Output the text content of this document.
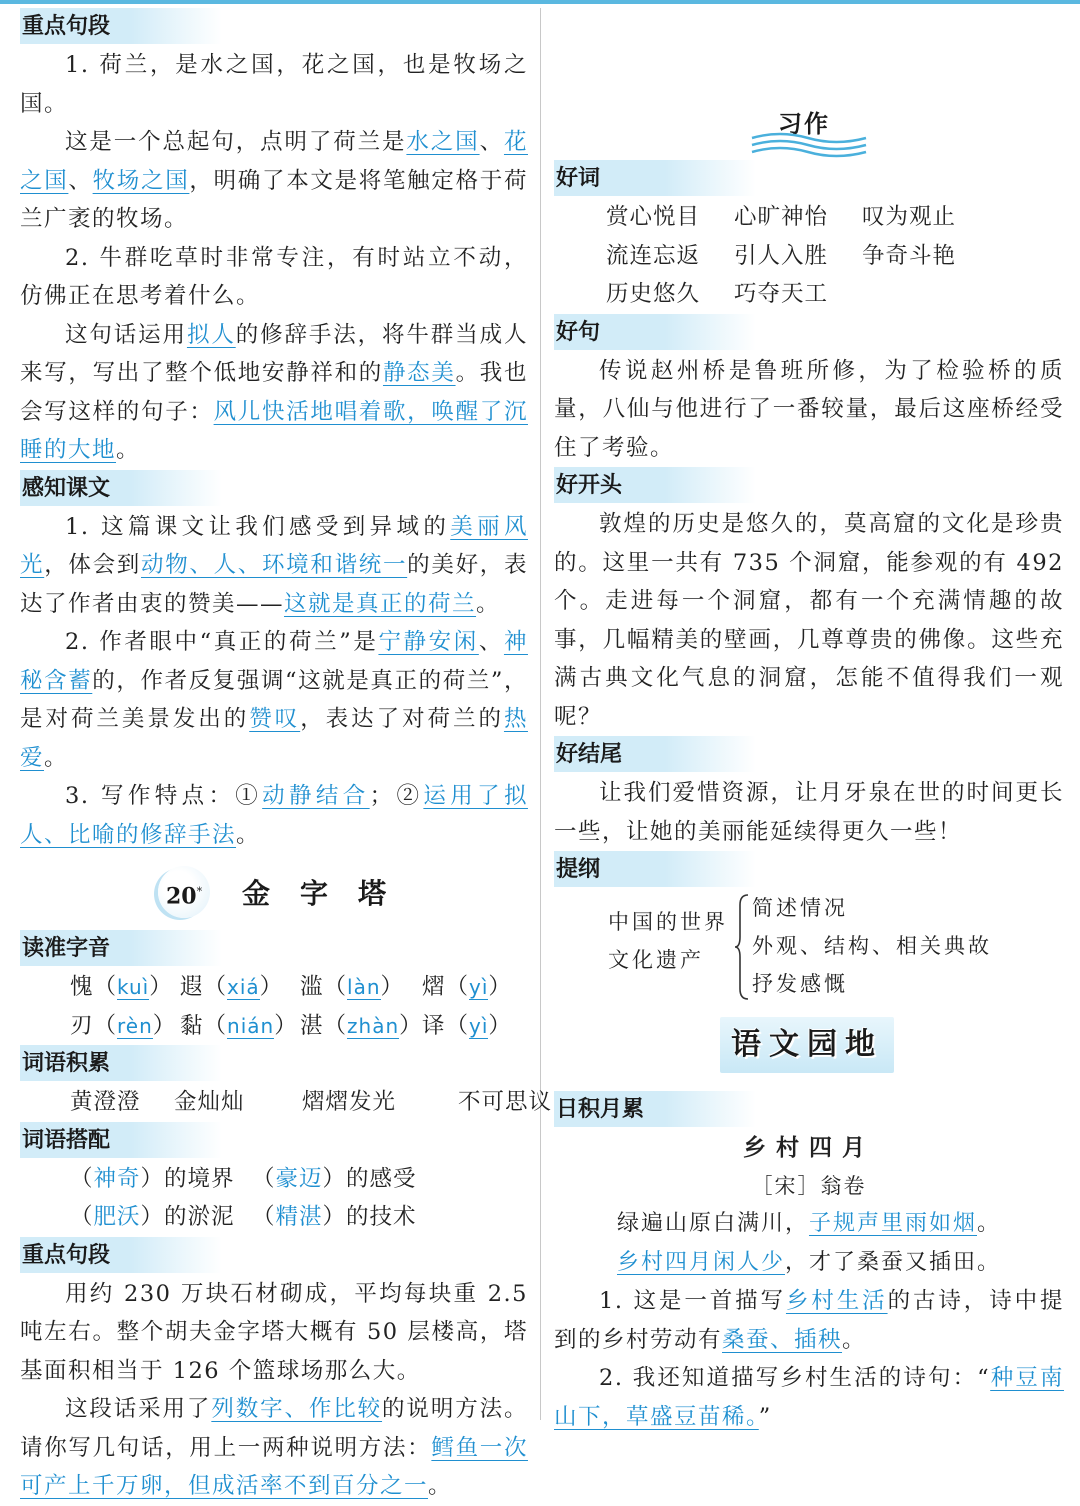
重点句段

1. 荷兰，是水之国，花之国，也是牧场之国。

这是一个总起句，点明了荷兰是水之国、花之国、牧场之国，明确了本文是将笔触定格于荷兰广袤的牧场。

2. 牛群吃草时非常专注，有时站立不动，仿佛正在思考着什么。

这句话运用拟人的修辞手法，将牛群当成人来写，写出了整个低地安静祥和的静态美。我也会写这样的句子：风儿快活地唱着歌，唤醒了沉睡的大地。

感知课文

1. 这篇课文让我们感受到异域的美丽风光，体会到动物、人、环境和谐统一的美好，表达了作者由衷的赞美——这就是真正的荷兰。

2. 作者眼中“真正的荷兰”是宁静安闲、神秘含蓄的，作者反复强调“这就是真正的荷兰”，是对荷兰美景发出的赞叹，表达了对荷兰的热爱。

3. 写作特点：①动静结合；②运用了拟人、比喻的修辞手法。

20* 金字塔
读准字音

愧（kuì） 遐（xiá） 滥（làn） 熠（yì）

刃（rèn） 黏（nián） 湛（zhàn）译（yì）

词语积累

黄澄澄 金灿灿	熠熠发光	不可思议

词语搭配

（神奇）的境界 （豪迈）的感受

（肥沃）的淤泥 （精湛）的技术

重点句段

用约 230 万块石材砌成，平均每块重 2.5 吨左右。整个胡夫金字塔大概有 50 层楼高，塔基面积相当于 126 个篮球场那么大。

这段话采用了列数字、作比较的说明方法。请你写几句话，用上一两种说明方法：鳕鱼一次可产上千万卵，但成活率不到百分之一。

习作
好词

赏心悦目 心旷神怡 叹为观止

流连忘返 引人入胜 争奇斗艳

历史悠久 巧夺天工

好句

传说赵州桥是鲁班所修，为了检验桥的质量，八仙与他进行了一番较量，最后这座桥经受住了考验。

好开头

敦煌的历史是悠久的，莫高窟的文化是珍贵的。这里一共有 735 个洞窟，能参观的有 492 个。走进每一个洞窟，都有一个充满情趣的故事，几幅精美的壁画，几尊尊贵的佛像。这些充满古典文化气息的洞窟，怎能不值得我们一观呢？

好结尾

让我们爱惜资源，让月牙泉在世的时间更长一些，让她的美丽能延续得更久一些！

提纲
中国的世界
文化遗产
简述情况
外观、结构、相关典故
抒发感慨
语文园地
日积月累

乡村四月

［宋］翁卷

绿遍山原白满川，子规声里雨如烟。

乡村四月闲人少，才了桑蚕又插田。

1. 这是一首描写乡村生活的古诗，诗中提到的乡村劳动有桑蚕、插秧。

2. 我还知道描写乡村生活的诗句：“种豆南山下，草盛豆苗稀。”
